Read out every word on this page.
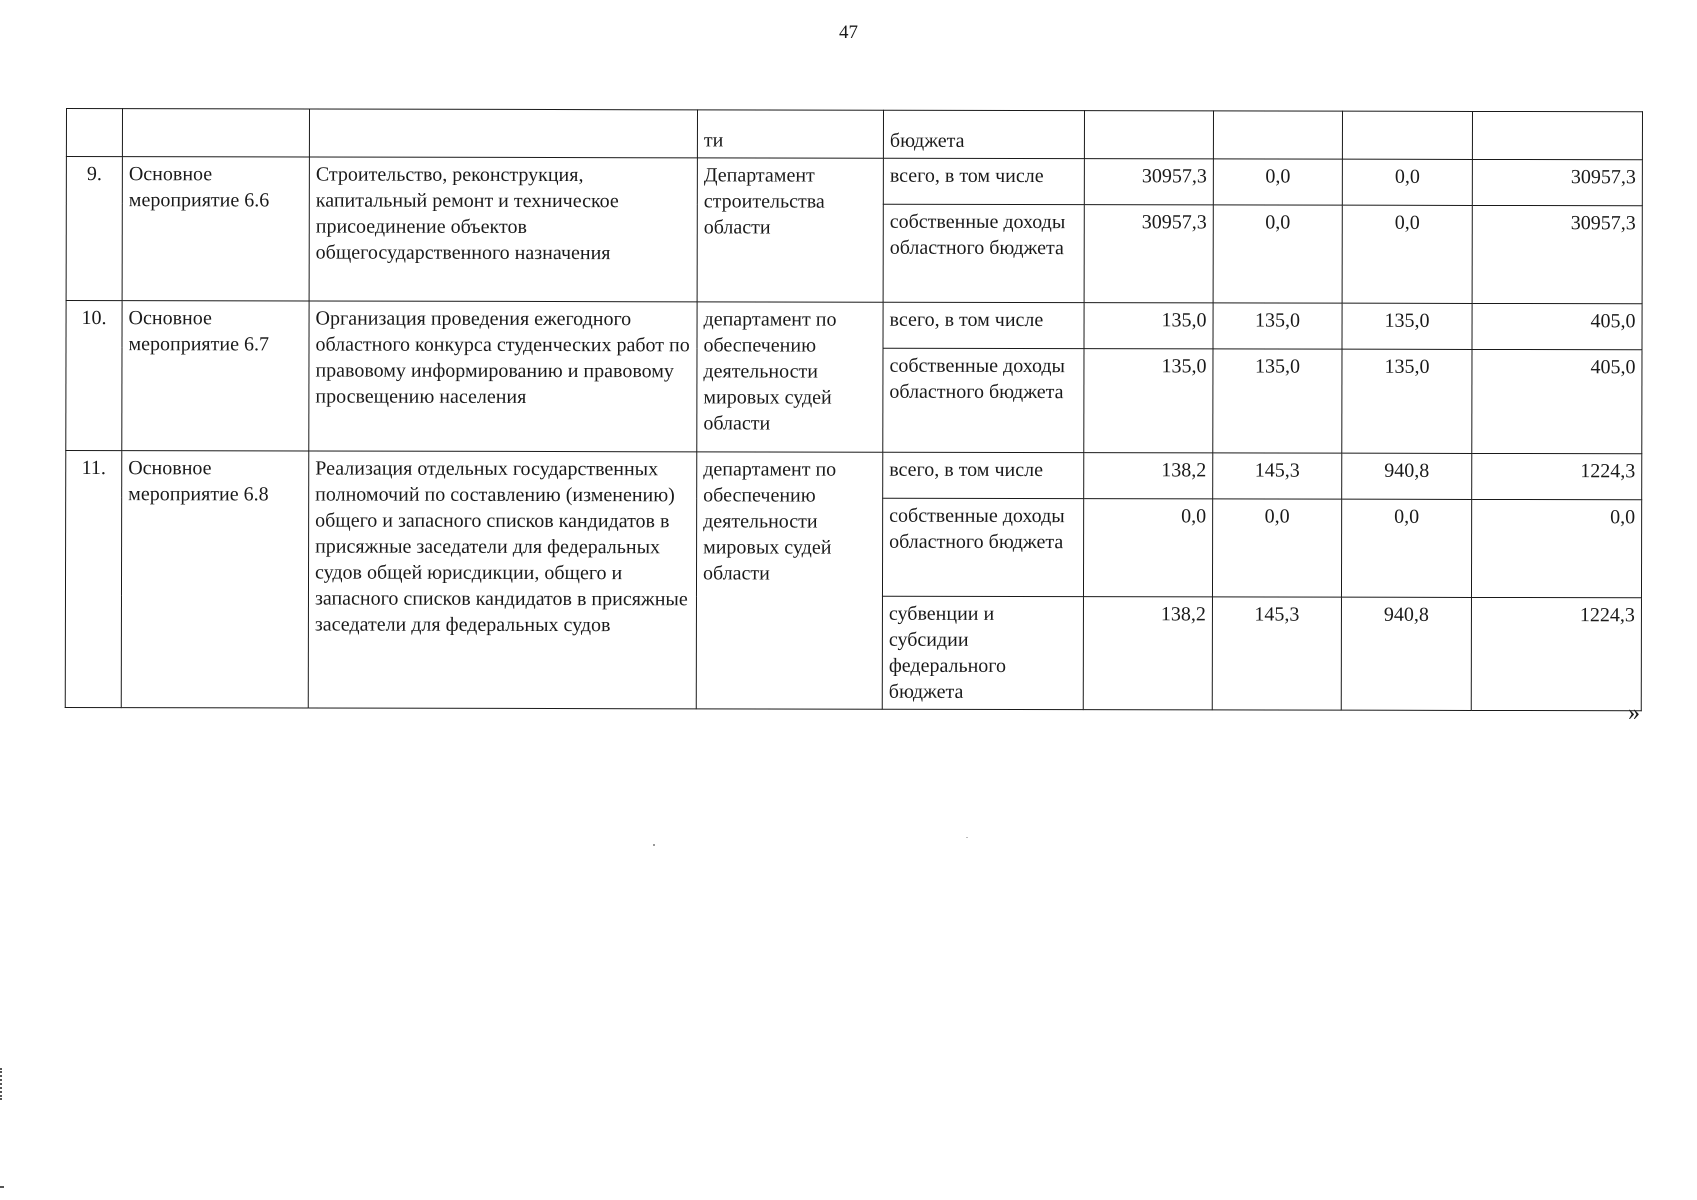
47
			ти	бюджета				
9.	Основное мероприятие 6.6	Строительство, реконструкция, капитальный ремонт и техническое присоединение объектов общегосударственного назначения	Департамент строительства области	всего, в том числе	30957,3	0,0	0,0	30957,3
				собственные доходы областного бюджета	30957,3	0,0	0,0	30957,3
10.	Основное мероприятие 6.7	Организация проведения ежегодного областного конкурса студенческих работ по правовому информированию и правовому просвещению населения	департамент по обеспечению деятельности мировых судей области	всего, в том числе	135,0	135,0	135,0	405,0
				собственные доходы областного бюджета	135,0	135,0	135,0	405,0
11.	Основное мероприятие 6.8	Реализация отдельных государственных полномочий по составлению (изменению) общего и запасного списков кандидатов в присяжные заседатели для федеральных судов общей юрисдикции, общего и запасного списков кандидатов в присяжные заседатели для федеральных судов	департамент по обеспечению деятельности мировых судей области	всего, в том числе	138,2	145,3	940,8	1224,3
				собственные доходы областного бюджета	0,0	0,0	0,0	0,0
				субвенции и субсидии федерального бюджета	138,2	145,3	940,8	1224,3
»
